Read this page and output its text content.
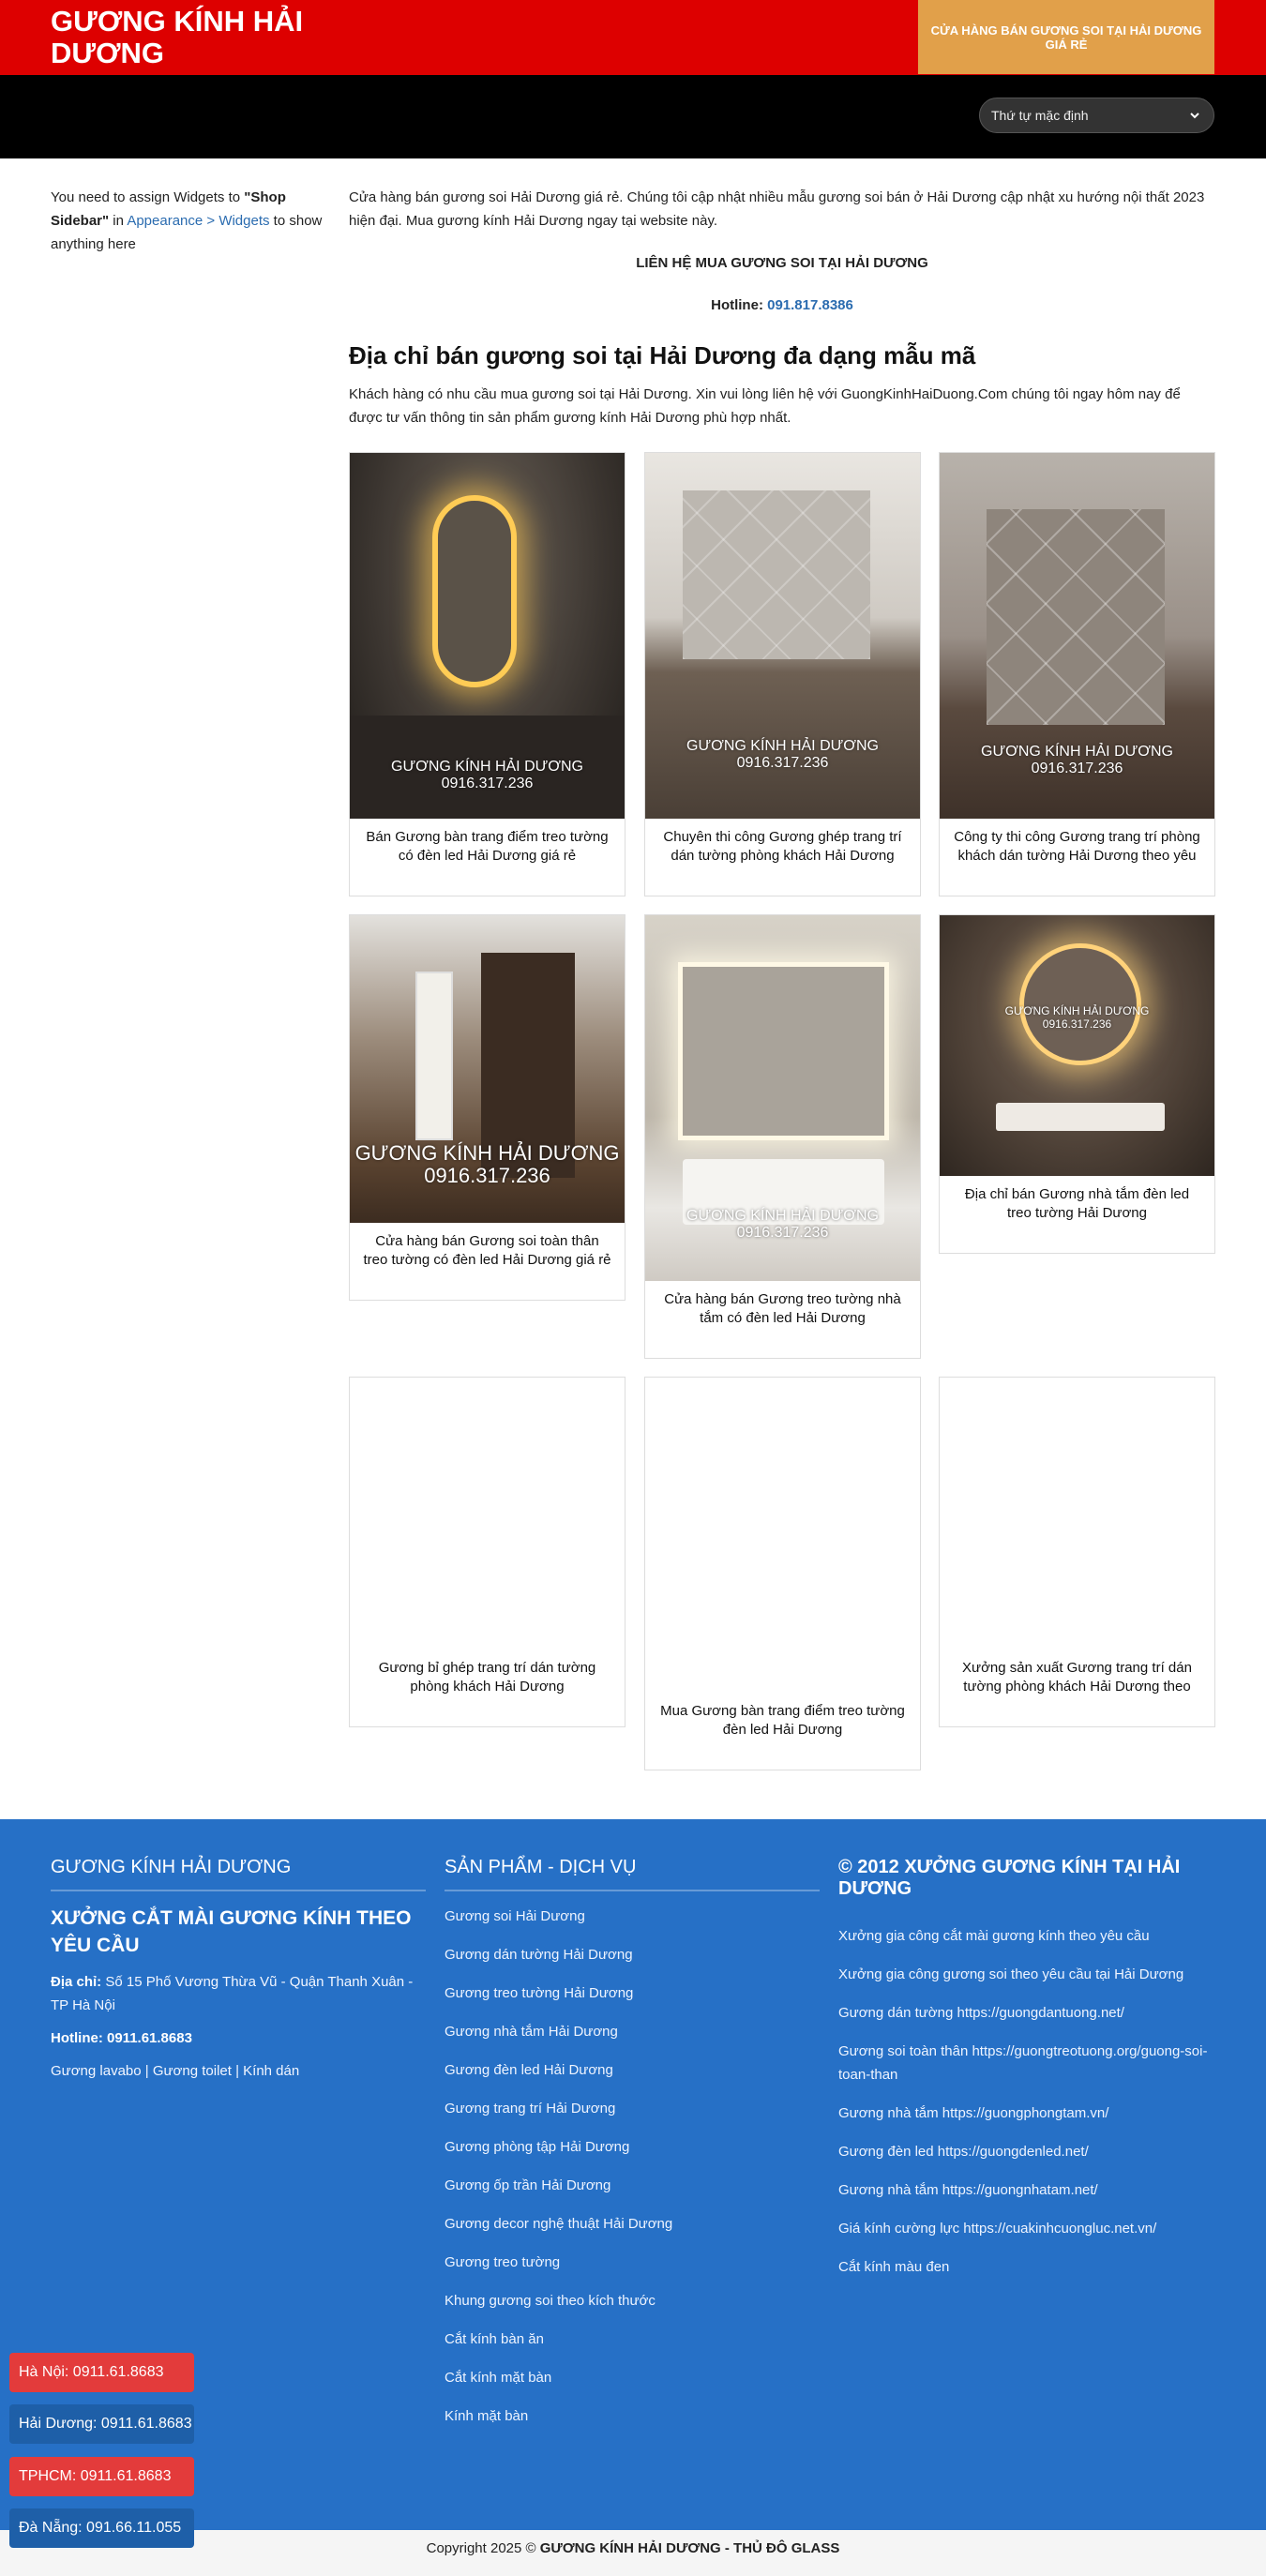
GƯƠNG KÍNH HẢI DƯƠNG
CỬA HÀNG BÁN GƯƠNG SOI TẠI HẢI DƯƠNG GIÁ RẺ
Thứ tự mặc định
You need to assign Widgets to "Shop Sidebar" in Appearance > Widgets to show anything here

Cửa hàng bán gương soi Hải Dương giá rẻ. Chúng tôi cập nhật nhiều mẫu gương soi bán ở Hải Dương cập nhật xu hướng nội thất 2023 hiện đại. Mua gương kính Hải Dương ngay tại website này.

LIÊN HỆ MUA GƯƠNG SOI TẠI HẢI DƯƠNG

Hotline: 091.817.8386

Địa chỉ bán gương soi tại Hải Dương đa dạng mẫu mã

Khách hàng có nhu cầu mua gương soi tại Hải Dương. Xin vui lòng liên hệ với GuongKinhHaiDuong.Com chúng tôi ngay hôm nay để được tư vấn thông tin sản phẩm gương kính Hải Dương phù hợp nhất.

GƯƠNG KÍNH HẢI DƯƠNG
0916.317.236
Bán Gương bàn trang điểm treo tường có đèn led Hải Dương giá rẻ
GƯƠNG KÍNH HẢI DƯƠNG
0916.317.236
Chuyên thi công Gương ghép trang trí dán tường phòng khách Hải Dương
GƯƠNG KÍNH HẢI DƯƠNG
0916.317.236
Công ty thi công Gương trang trí phòng khách dán tường Hải Dương theo yêu
GƯƠNG KÍNH HẢI DƯƠNG
0916.317.236
Cửa hàng bán Gương soi toàn thân treo tường có đèn led Hải Dương giá rẻ
GƯƠNG KÍNH HẢI DƯƠNG
0916.317.236
Cửa hàng bán Gương treo tường nhà tắm có đèn led Hải Dương
GƯƠNG KÍNH HẢI DƯƠNG
0916.317.236
Địa chỉ bán Gương nhà tắm đèn led treo tường Hải Dương
Gương bỉ ghép trang trí dán tường phòng khách Hải Dương
Mua Gương bàn trang điểm treo tường đèn led Hải Dương
Xưởng sản xuất Gương trang trí dán tường phòng khách Hải Dương theo
GƯƠNG KÍNH HẢI DƯƠNG
XƯỞNG CẮT MÀI GƯƠNG KÍNH THEO YÊU CẦU

Địa chỉ: Số 15 Phố Vương Thừa Vũ - Quận Thanh Xuân - TP Hà Nội

Hotline: 0911.61.8683

Gương lavabo | Gương toilet | Kính dán

SẢN PHẨM - DỊCH VỤ
Gương soi Hải Dương
Gương dán tường Hải Dương
Gương treo tường Hải Dương
Gương nhà tắm Hải Dương
Gương đèn led Hải Dương
Gương trang trí Hải Dương
Gương phòng tập Hải Dương
Gương ốp trần Hải Dương
Gương decor nghệ thuật Hải Dương
Gương treo tường
Khung gương soi theo kích thước
Cắt kính bàn ăn
Cắt kính mặt bàn
Kính mặt bàn
© 2012 XƯỞNG GƯƠNG KÍNH TẠI HẢI DƯƠNG
Xưởng gia công cắt mài gương kính theo yêu cầu
Xưởng gia công gương soi theo yêu cầu tại Hải Dương
Gương dán tường https://guongdantuong.net/
Gương soi toàn thân https://guongtreotuong.org/guong-soi-toan-than
Gương nhà tắm https://guongphongtam.vn/
Gương đèn led https://guongdenled.net/
Gương nhà tắm https://guongnhatam.net/
Giá kính cường lực https://cuakinhcuongluc.net.vn/
Cắt kính màu đen
Copyright 2025 © GƯƠNG KÍNH HẢI DƯƠNG - THỦ ĐÔ GLASS
Hà Nội: 0911.61.8683
Hải Dương: 0911.61.8683
TPHCM: 0911.61.8683
Đà Nẵng: 091.66.11.055
